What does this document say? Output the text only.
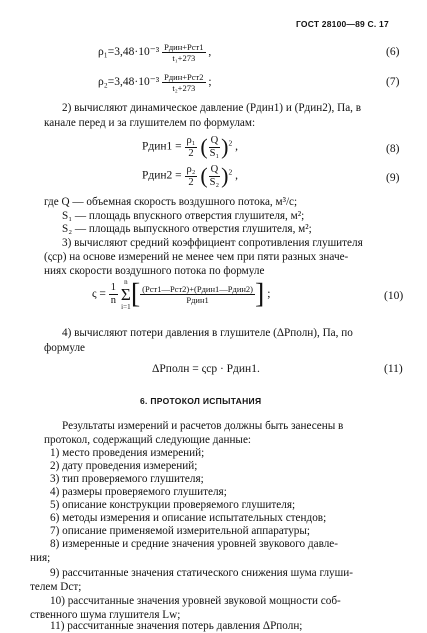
ГОСТ 28100—89 С. 17
$\rho_1=3,48\cdot 10^{-3} \frac{\text{Pдин+Pст1}}{\text{t₁+273}}$ ,	(6)
$\rho_2=3,48\cdot 10^{-3} \frac{\text{Pдин+Pст2}}{\text{t₂+273}}$ ;	(7)
2) вычисляют динамическое давление (Pдин1) и (Pдин2), Па, в
канале перед и за глушителем по формулам:
Pдин1 = $\frac{\text{ρ₁}}{2}$ ( $\frac{Q}{\text{S₁}} )^2$ ,	(8)
Pдин2 = $\frac{\text{ρ₂}}{2}$ ( $\frac{Q}{\text{S₂}} )^2$ ,	(9)
где Q — объемная скорость воздушного потока, м³/с;
S₁ — площадь впускного отверстия глушителя, м²;
S₂ — площадь выпускного отверстия глушителя, м²;
3) вычисляют средний коэффициент сопротивления глушителя
(ςср) на основе измерений не менее чем при пяти разных значе-
ниях скорости воздушного потока по формуле
$\varsigma = \frac{1}{n}$
n
Σ
i=1 [ $\frac{\text{(Pст1—Pст2)+(Pдин1—Pдин2)}}{\text{Pдин1}}$ ] ;	(10)
4) вычисляют потери давления в глушителе (ΔPполн), Па, по
формуле
ΔPполн = ςср · Pдин1.	(11)
6. ПРОТОКОЛ ИСПЫТАНИЯ
Результаты измерений и расчетов должны быть занесены в
протокол, содержащий следующие данные:
1) место проведения измерений;
2) дату проведения измерений;
3) тип проверяемого глушителя;
4) размеры проверяемого глушителя;
5) описание конструкции проверяемого глушителя;
6) методы измерения и описание испытательных стендов;
7) описание применяемой измерительной аппаратуры;
8) измеренные и средние значения уровней звукового давле-
ния;
9) рассчитанные значения статического снижения шума глуши-
телем Dст;
10) рассчитанные значения уровней звуковой мощности соб-
ственного шума глушителя Lw;
11) рассчитанные значения потерь давления ΔPполн;
